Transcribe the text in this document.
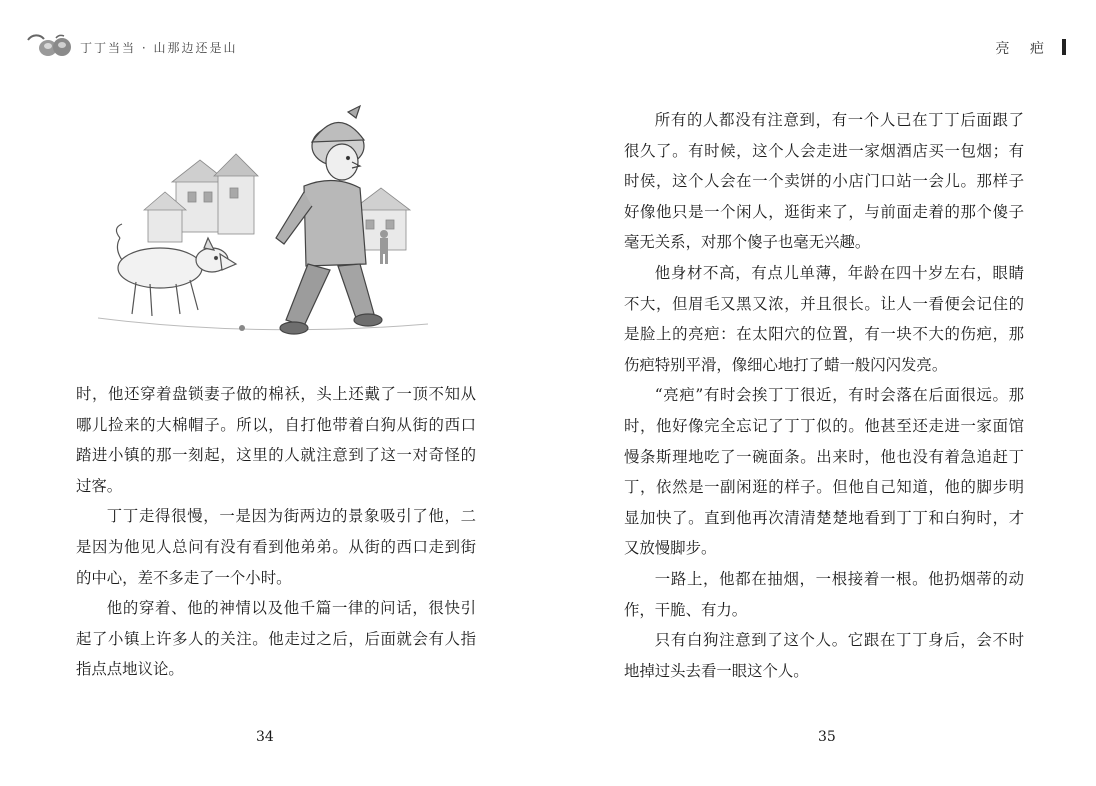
丁丁当当 · 山那边还是山	亮 疤

时，他还穿着盘锁妻子做的棉袄，头上还戴了一顶不知从哪儿捡来的大棉帽子。所以，自打他带着白狗从街的西口踏进小镇的那一刻起，这里的人就注意到了这一对奇怪的过客。

丁丁走得很慢，一是因为街两边的景象吸引了他，二是因为他见人总问有没有看到他弟弟。从街的西口走到街的中心，差不多走了一个小时。

他的穿着、他的神情以及他千篇一律的问话，很快引起了小镇上许多人的关注。他走过之后，后面就会有人指指点点地议论。

34

所有的人都没有注意到，有一个人已在丁丁后面跟了很久了。有时候，这个人会走进一家烟酒店买一包烟；有时侯，这个人会在一个卖饼的小店门口站一会儿。那样子好像他只是一个闲人，逛街来了，与前面走着的那个傻子毫无关系，对那个傻子也毫无兴趣。

他身材不高，有点儿单薄，年龄在四十岁左右，眼睛不大，但眉毛又黑又浓，并且很长。让人一看便会记住的是脸上的亮疤：在太阳穴的位置，有一块不大的伤疤，那伤疤特别平滑，像细心地打了蜡一般闪闪发亮。

“亮疤”有时会挨丁丁很近，有时会落在后面很远。那时，他好像完全忘记了丁丁似的。他甚至还走进一家面馆慢条斯理地吃了一碗面条。出来时，他也没有着急追赶丁丁，依然是一副闲逛的样子。但他自己知道，他的脚步明显加快了。直到他再次清清楚楚地看到丁丁和白狗时，才又放慢脚步。

一路上，他都在抽烟，一根接着一根。他扔烟蒂的动作，干脆、有力。

只有白狗注意到了这个人。它跟在丁丁身后，会不时地掉过头去看一眼这个人。

35
